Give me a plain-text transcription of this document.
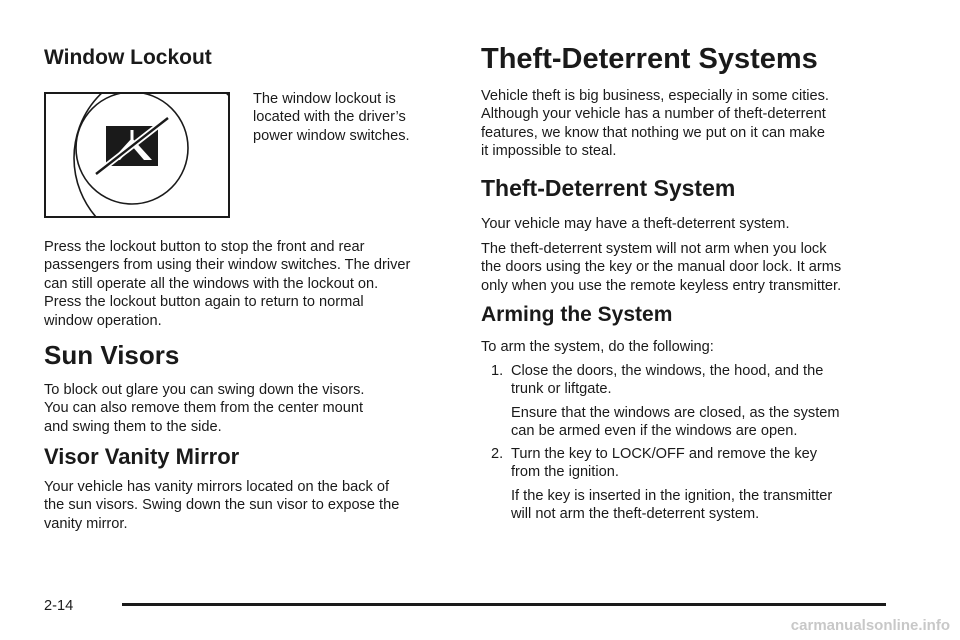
Window Lockout

The window lockout is
located with the driver’s
power window switches.

Press the lockout button to stop the front and rear
passengers from using their window switches. The driver
can still operate all the windows with the lockout on.
Press the lockout button again to return to normal
window operation.

Sun Visors

To block out glare you can swing down the visors.
You can also remove them from the center mount
and swing them to the side.

Visor Vanity Mirror

Your vehicle has vanity mirrors located on the back of
the sun visors. Swing down the sun visor to expose the
vanity mirror.

Theft-Deterrent Systems

Vehicle theft is big business, especially in some cities.
Although your vehicle has a number of theft-deterrent
features, we know that nothing we put on it can make
it impossible to steal.

Theft-Deterrent System

Your vehicle may have a theft-deterrent system.

The theft-deterrent system will not arm when you lock
the doors using the key or the manual door lock. It arms
only when you use the remote keyless entry transmitter.

Arming the System

To arm the system, do the following:

1. Close the doors, the windows, the hood, and the
trunk or liftgate.

Ensure that the windows are closed, as the system
can be armed even if the windows are open.

2. Turn the key to LOCK/OFF and remove the key
from the ignition.

If the key is inserted in the ignition, the transmitter
will not arm the theft-deterrent system.

2-14
carmanualsonline.info
